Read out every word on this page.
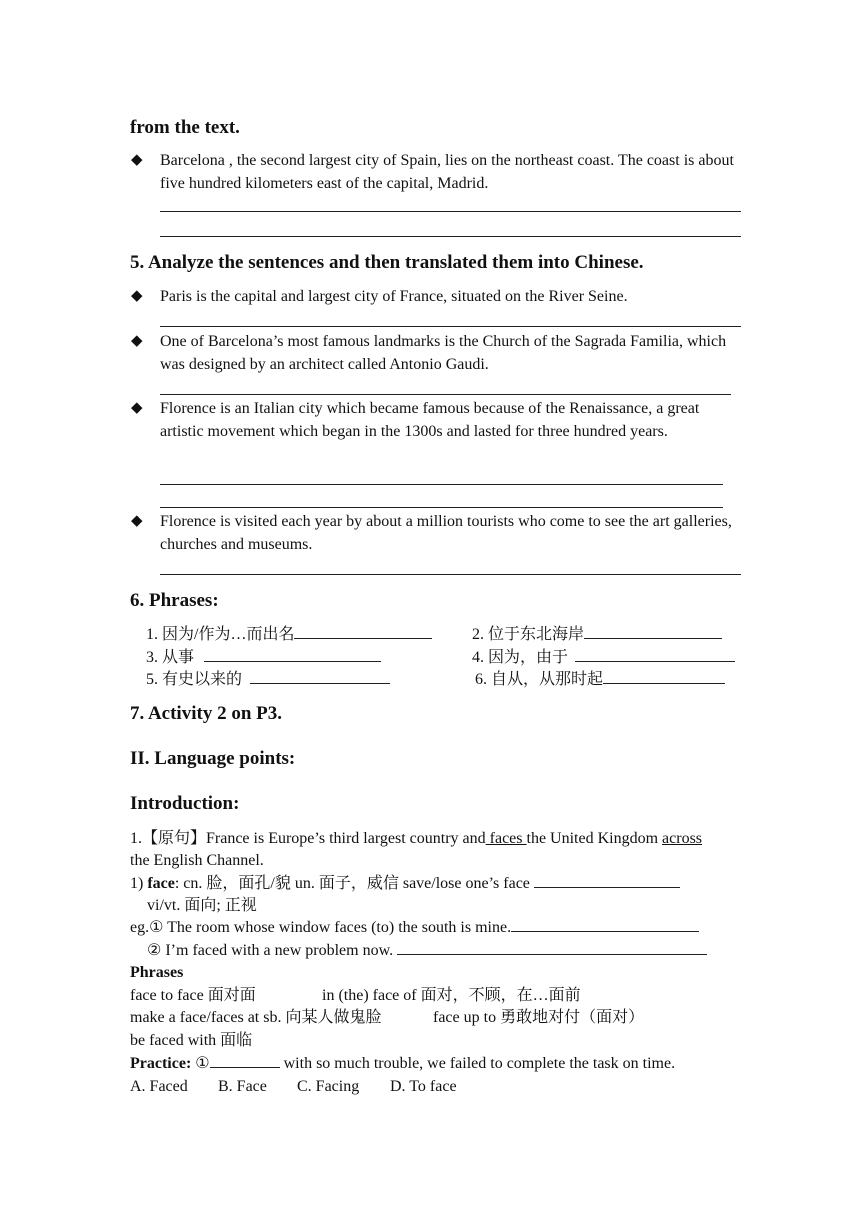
from the text.
◆ Barcelona , the second largest city of Spain, lies on the northeast coast. The coast is about five hundred kilometers east of the capital, Madrid.
5. Analyze the sentences and then translated them into Chinese.
◆ Paris is the capital and largest city of France, situated on the River Seine.
◆ One of Barcelona’s most famous landmarks is the Church of the Sagrada Familia, which was designed by an architect called Antonio Gaudi.
◆ Florence is an Italian city which became famous because of the Renaissance, a great artistic movement which began in the 1300s and lasted for three hundred years.
◆ Florence is visited each year by about a million tourists who come to see the art galleries, churches and museums.
6. Phrases:
1. 因为/作为…而出名	2. 位于东北海岸
3. 从事	4. 因为，由于
5. 有史以来的	6. 自从，从那时起
7. Activity 2 on P3.
II. Language points:
Introduction:
1.【原句】France is Europe’s third largest country and faces the United Kingdom across
the English Channel.
1) face: cn. 脸，面孔/貌 un. 面子，威信 save/lose one’s face
vi/vt. 面向; 正视
eg.① The room whose window faces (to) the south is mine.
② I’m faced with a new problem now.
Phrases
face to face 面对面	in (the) face of 面对，不顾，在…面前
make a face/faces at sb. 向某人做鬼脸	face up to 勇敢地对付（面对）
be faced with 面临
Practice: ①	with so much trouble, we failed to complete the task on time.
A. Faced B. Face C. Facing D. To face
